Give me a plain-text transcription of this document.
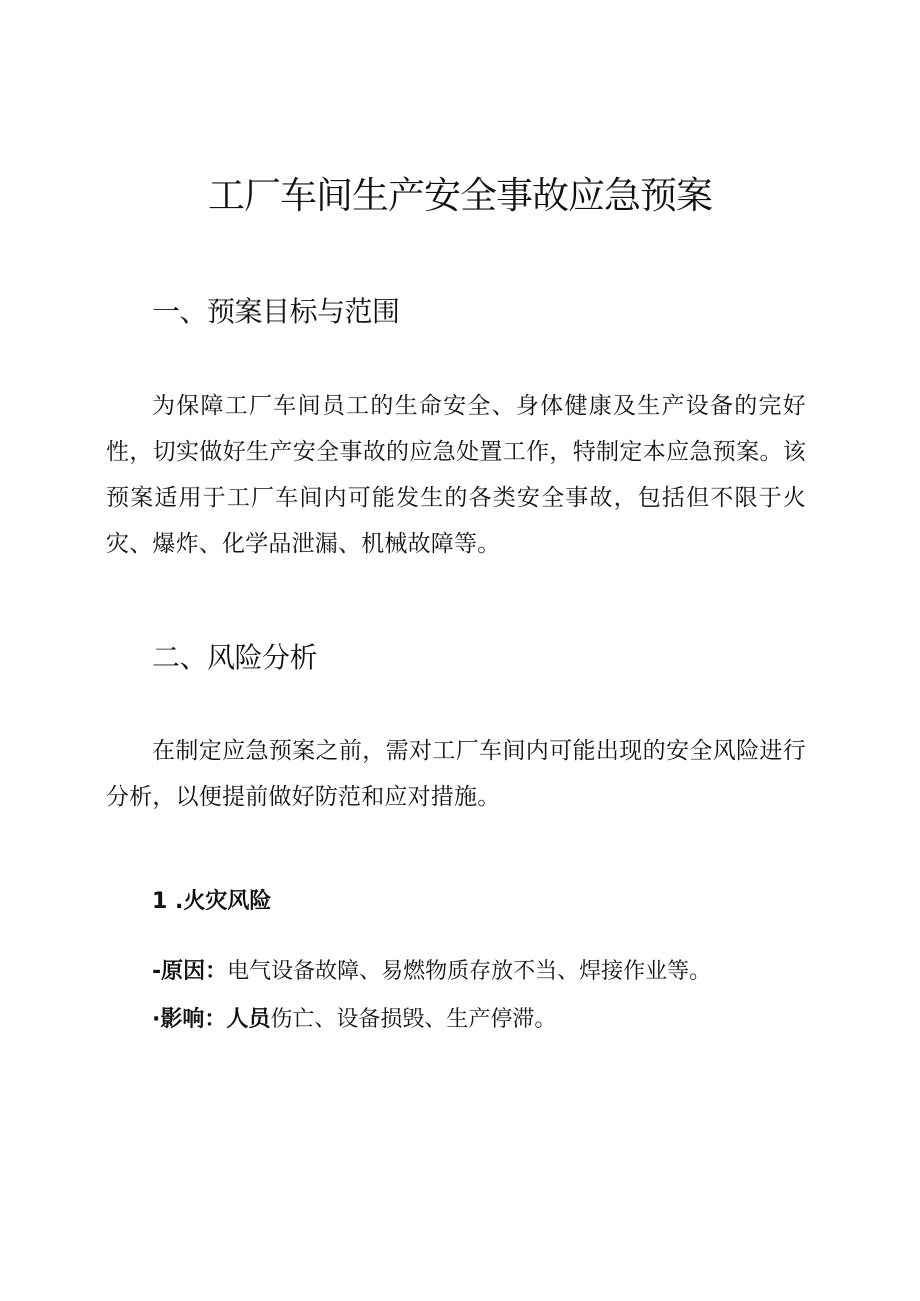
工厂车间生产安全事故应急预案
一、预案目标与范围

为保障工厂车间员工的生命安全、身体健康及生产设备的完好性，切实做好生产安全事故的应急处置工作，特制定本应急预案。该预案适用于工厂车间内可能发生的各类安全事故，包括但不限于火灾、爆炸、化学品泄漏、机械故障等。

二、风险分析

在制定应急预案之前，需对工厂车间内可能出现的安全风险进行分析，以便提前做好防范和应对措施。

1 .火灾风险

-原因：电气设备故障、易燃物质存放不当、焊接作业等。

·影响：人员伤亡、设备损毁、生产停滞。
